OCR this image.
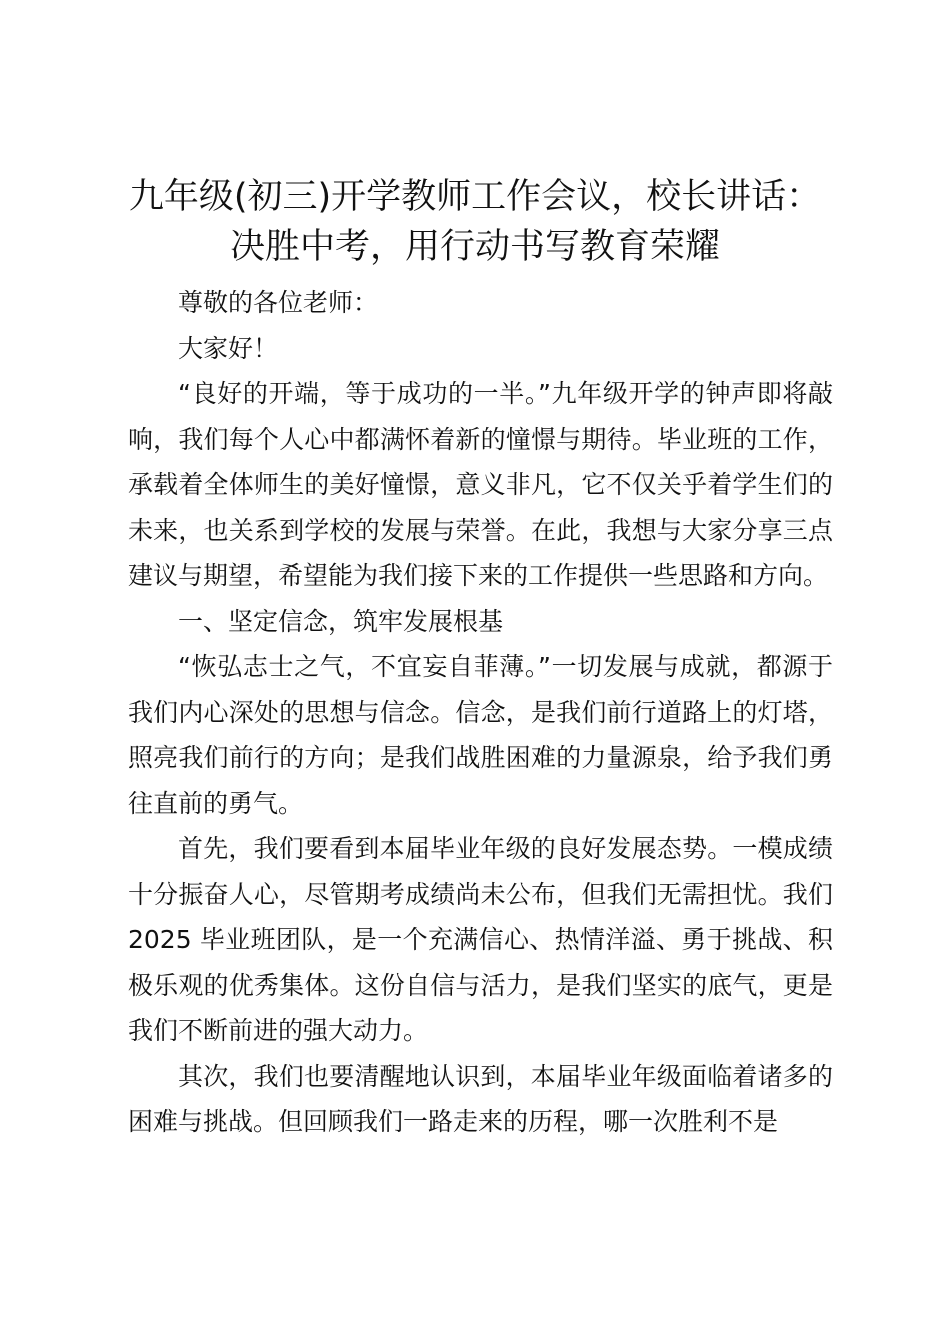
九年级(初三)开学教师工作会议，校长讲话：
决胜中考，用行动书写教育荣耀

尊敬的各位老师：

大家好！

“良好的开端，等于成功的一半。”九年级开学的钟声即将敲响，我们每个人心中都满怀着新的憧憬与期待。毕业班的工作，承载着全体师生的美好憧憬，意义非凡，它不仅关乎着学生们的未来，也关系到学校的发展与荣誉。在此，我想与大家分享三点建议与期望，希望能为我们接下来的工作提供一些思路和方向。

一、坚定信念，筑牢发展根基

“恢弘志士之气，不宜妄自菲薄。”一切发展与成就，都源于我们内心深处的思想与信念。信念，是我们前行道路上的灯塔，照亮我们前行的方向；是我们战胜困难的力量源泉，给予我们勇往直前的勇气。

首先，我们要看到本届毕业年级的良好发展态势。一模成绩十分振奋人心，尽管期考成绩尚未公布，但我们无需担忧。我们 2025 毕业班团队，是一个充满信心、热情洋溢、勇于挑战、积极乐观的优秀集体。这份自信与活力，是我们坚实的底气，更是我们不断前进的强大动力。

其次，我们也要清醒地认识到，本届毕业年级面临着诸多的困难与挑战。但回顾我们一路走来的历程，哪一次胜利不是
